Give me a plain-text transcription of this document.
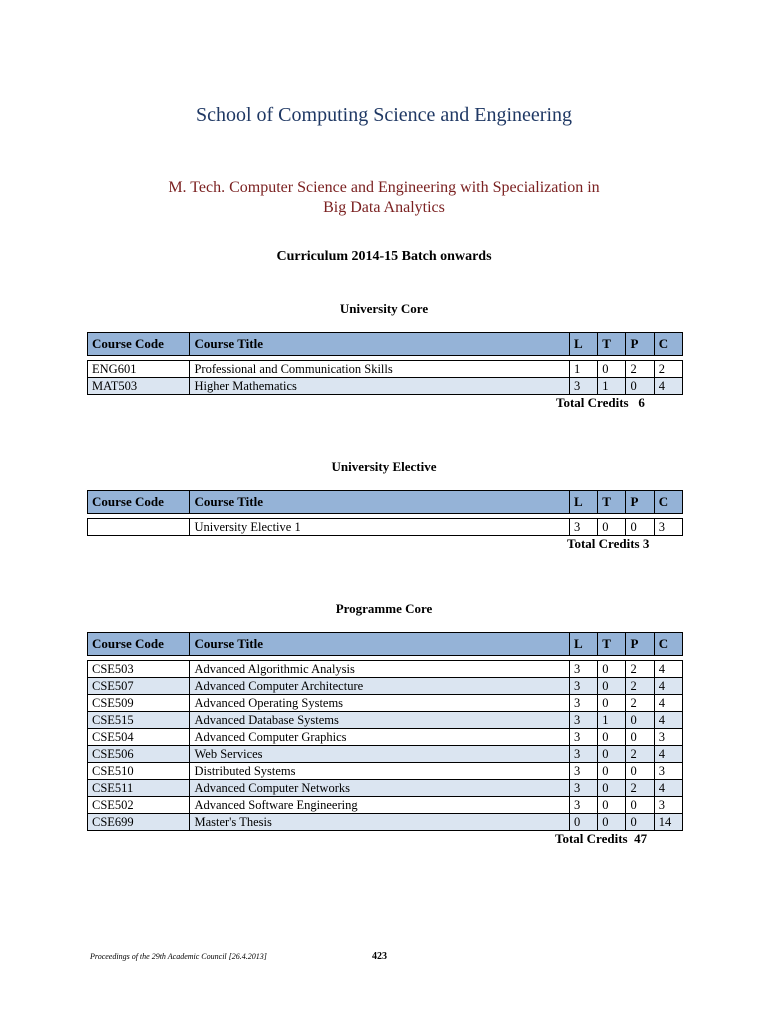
School of Computing Science and Engineering
M. Tech. Computer Science and Engineering with Specialization in
Big Data Analytics
Curriculum 2014-15 Batch onwards
University Core
Course Code	Course Title	L	T	P	C

ENG601	Professional and Communication Skills	1	0	2	2
MAT503	Higher Mathematics	3	1	0	4
Total Credits 6
University Elective
Course Code	Course Title	L	T	P	C

	University Elective 1	3	0	0	3
Total Credits 3
Programme Core
Course Code	Course Title	L	T	P	C

CSE503	Advanced Algorithmic Analysis	3	0	2	4
CSE507	Advanced Computer Architecture	3	0	2	4
CSE509	Advanced Operating Systems	3	0	2	4
CSE515	Advanced Database Systems	3	1	0	4
CSE504	Advanced Computer Graphics	3	0	0	3
CSE506	Web Services	3	0	2	4
CSE510	Distributed Systems	3	0	0	3
CSE511	Advanced Computer Networks	3	0	2	4
CSE502	Advanced Software Engineering	3	0	0	3
CSE699	Master's Thesis	0	0	0	14
Total Credits 47
Proceedings of the 29th Academic Council [26.4.2013]	423
